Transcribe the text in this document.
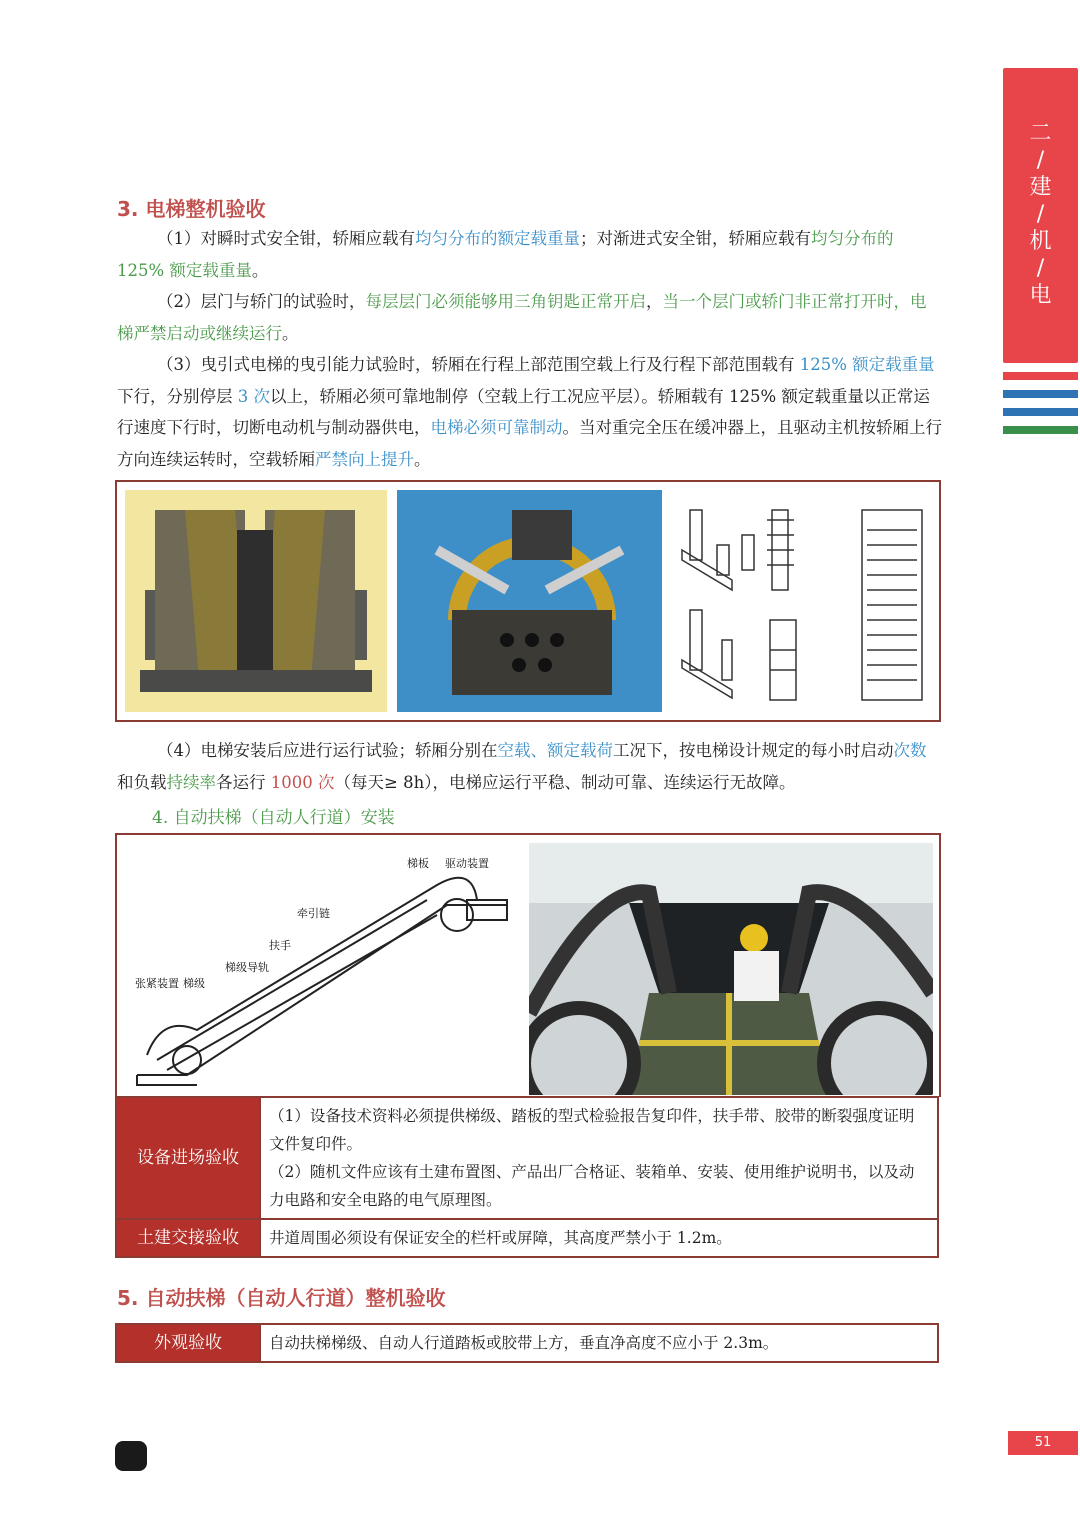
二
/
建
/
机
/
电
3. 电梯整机验收

（1）对瞬时式安全钳，轿厢应载有均匀分布的额定载重量；对渐进式安全钳，轿厢应载有均匀分布的 125% 额定载重量。

（2）层门与轿门的试验时，每层层门必须能够用三角钥匙正常开启，当一个层门或轿门非正常打开时，电梯严禁启动或继续运行。

（3）曳引式电梯的曳引能力试验时，轿厢在行程上部范围空载上行及行程下部范围载有 125% 额定载重量下行，分别停层 3 次以上，轿厢必须可靠地制停（空载上行工况应平层）。轿厢载有 125% 额定载重量以正常运行速度下行时，切断电动机与制动器供电，电梯必须可靠制动。当对重完全压在缓冲器上，且驱动主机按轿厢上行方向连续运转时，空载轿厢严禁向上提升。

（4）电梯安装后应进行运行试验；轿厢分别在空载、额定载荷工况下，按电梯设计规定的每小时启动次数和负载持续率各运行 1000 次（每天≥ 8h），电梯应运行平稳、制动可靠、连续运行无故障。

4. 自动扶梯（自动人行道）安装
梯板 驱动装置
牵引链
扶手
梯级导轨
张紧装置 梯级
设备进场验收	（1）设备技术资料必须提供梯级、踏板的型式检验报告复印件，扶手带、胶带的断裂强度证明文件复印件。
（2）随机文件应该有土建布置图、产品出厂合格证、装箱单、安装、使用维护说明书，以及动力电路和安全电路的电气原理图。

土建交接验收	井道周围必须设有保证安全的栏杆或屏障，其高度严禁小于 1.2m。
5. 自动扶梯（自动人行道）整机验收
外观验收	自动扶梯梯级、自动人行道踏板或胶带上方，垂直净高度不应小于 2.3m。
51
